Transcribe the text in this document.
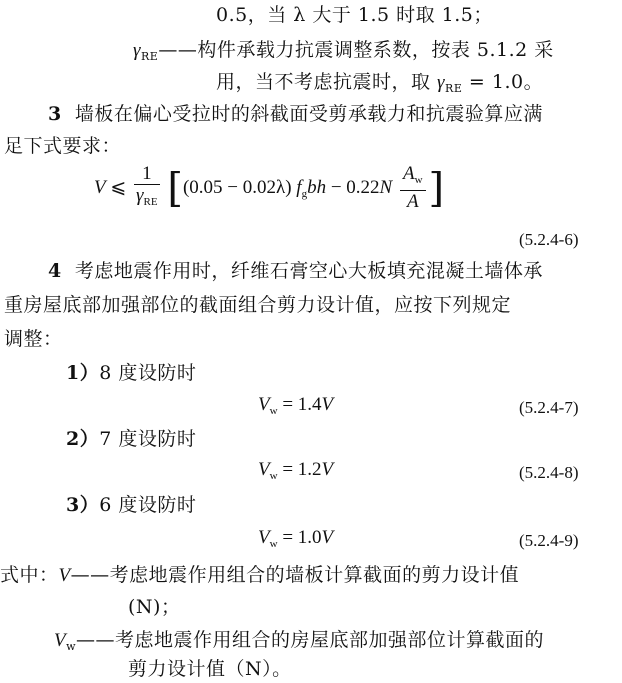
0.5，当 λ 大于 1.5 时取 1.5；
$\gamma_{RE}——$构件承载力抗震调整系数，按表 5.1.2 采
用，当不考虑抗震时，取 $\gamma_{RE} = 1.0$。
3 墙板在偏心受拉时的斜截面受剪承载力和抗震验算应满
足下式要求：
V ⩽ $\frac{1}{\gamma_{RE}} [(0.05 - 0.02\lambda) f_gbh - 0.22N \frac{A_w}{A}$ ]
(5.2.4-6)
4 考虑地震作用时，纤维石膏空心大板填充混凝土墙体承
重房屋底部加强部位的截面组合剪力设计值，应按下列规定
调整：
1）8 度设防时
$V_w = 1.4V$	(5.2.4-7)
2）7 度设防时
$V_w = 1.2V$	(5.2.4-8)
3）6 度设防时
$V_w = 1.0V$	(5.2.4-9)
式中：V——考虑地震作用组合的墙板计算截面的剪力设计值
(N)；
$V_w——$考虑地震作用组合的房屋底部加强部位计算截面的
剪力设计值（N）。
